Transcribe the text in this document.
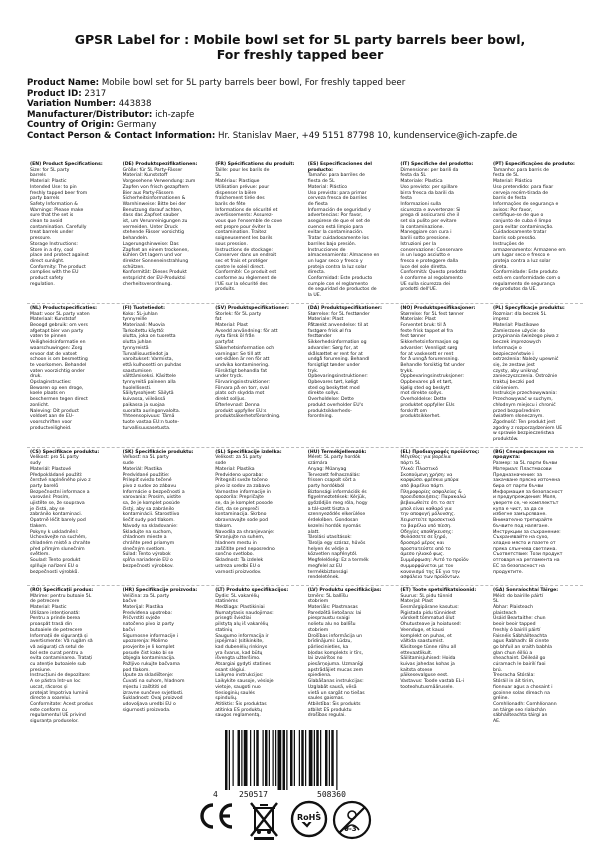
GPSR Label for : Mobile bowl set for 5L party barrels beer bowl,
For freshly tapped beer
Product Name: Mobile bowl set for 5L party barrels beer bowl, For freshly tapped beer
Product ID: 2317
Variation Number: 443838
Manufacturer/Distributor: ich-zapfe
Country of Origin: Germany
Contact Person & Contact Information: Hr. Stanislav Maer, +49 5151 87798 10, kundenservice@ich-zapfe.de
(EN) Product Specifications:
Size: for 5L party
barrels
Material: Plastic
Intended Use: to pin
freshly tapped beer from
party barrels
Safety Information &
Warnings: Please make
sure that the set is
clean to avoid
contamination. Carefully
treat barrels under
pressure.
Storage Instructions:
Store in a dry, cool
place and protect against
direct sunlight.
Conformity: The product
complies with the EU
product safety
regulation.
(DE) Produktspezifikationen:
Größe: für 5L Party-Fässer
Material: Kunststoff
Vorgesehene Verwendung: zum
Zapfen von frisch gezapftem
Bier aus Party-Fässern
Sicherheitsinformationen &
Warnhinweise: Bitte bei der
Benutzung darauf achten,
dass das Zapfset sauber
ist, um Verunreinigungen zu
vermeiden. Unter Druck
stehende Fässer vorsichtig
behandeln.
Lagerungshinweise: Das
Zapfset an einem trockenen,
kühlen Ort lagern und vor
direkter Sonneneinstrahlung
schützen.
Konformität: Dieses Produkt
entspricht der EU-Produktsi
cherheitsverordnung.
(FR) Spécifications du produit:
Taille: pour les barils de
5L
Matériau: Plastique
Utilisation prévue: pour
dispenser la bière
fraîchement tirée des
barils de fête
Informations de sécurité et
avertissements: Assurez-
vous que l'ensemble de cove
est propre pour éviter la
contamination. Traitez
soigneusement les barils
sous pression.
Instructions de stockage:
Conserver dans un endroit
sec et frais et protéger
contre le soleil direct.
Conformité: Ce produit est
conforme au règlement de
l'UE sur la sécurité des
produits.
(ES) Especificaciones del producto:
Tamaño: para barriles de
fiesta de 5L
Material: Plástico
Uso previsto: para primar
cerveza fresca de barriles
de fiesta
Información de seguridad y
advertencias: Por favor,
asegúrese de que el set de
cuenco está limpio para
evitar la contaminación.
Tratar cuidadosamente los
barriles bajo presión.
Instrucciones de
almacenamiento: Almacene en
un lugar seco y fresco y
proteja contra la luz solar
directa.
Conformidad: Este producto
cumple con el reglamento
de seguridad de productos de
la UE.
(IT) Specifiche del prodotto:
Dimensione: per barili da
festa da 5L
Materiale: Plastica
Uso previsto: per spillare
birra fresca da barili da
festa
Informazioni sulla
sicurezza e avvertenze: Si
prega di assicurarsi che il
set sia pulito per evitare
la contaminazione.
Maneggiare con cura i
barili sotto pressione.
Istruzioni per la
conservazione: Conservare
in un luogo asciutto e
fresco e proteggere dalla
luce del sole diretta.
Conformità: Questo prodotto
è conforme al regolamento
UE sulla sicurezza dei
prodotti dell'UE.
(PT) Especificações do produto:
Tamanho: para barris de
festa de 5L
Material: Plástico
Uso pretendido: para fixar
cerveja recém-tirada de
barris de festa
Informações de segurança e
avisos: Por favor,
certifique-se de que o
conjunto de cuba é limpo
para evitar contaminação.
Cuidadosamente tratar
barris sob pressão.
Instruções de
armazenamento: Armazene em
um lugar seco e fresco e
proteja contra a luz solar
direta.
Conformidade: Este produto
está em conformidade com o
regulamento de segurança
de produtos da UE.
(NL) Productspecificaties:
Maat: voor 5L party vaten
Materiaal: Kunststof
Beoogd gebruik: om vers
afgetapt bier van party
vaten te pinnen
Veiligheidsinformatie en
waarschuwingen: Zorg
ervoor dat de vatset
schoon is om besmetting
te voorkomen. Behandel
vaten voorzichtig onder
druk.
Opslaginstructies:
Bewaren op een droge,
koele plaats en
beschermen tegen direct
zonlicht.
Naleving: Dit product
voldoet aan de EU-
voorschriften voor
productveiligheid.
(FI) Tuotetiedot:
Koko: 5L-juhlan
tynnyreille
Materiaali: Muovia
Tarkoitettu käyttö:
olutta, joka on tuoretta
olutta juhlan
tynnyreistä
Turvallisuustiedot ja
varoitukset: Varmista,
että kulhosetti on puhdas
saastumisen
välttämiseksi. Käsittele
tynnyreitä paineen alla
huolellisesti.
Säilytysohjeet: Säilytä
kuivassa, viileässä
paikassa ja suojaa
suoralta auringonvalolta.
Yhteensopivuus: Tämä
tuote vastaa EU:n tuote-
turvallisuusasetusta.
(SV) Produktspecifikationer:
Storlek: för 5L party
fat
Material: Plast
Avsedd användning: för att
nyta färsk öl från
partyfat
Säkerhetsinformation och
varningar: Se till att
set-skålen är ren för att
undvika kontaminering.
Försiktigt behandla fat
under tryck.
Förvaringsinstruktioner:
Förvara på en torr, sval
plats och skydda mot
direkt solljus.
Efterlevnad: Denna
produkt uppfyller EU:s
produktsäkerhetsförordning.
(DA) Produktspecifikationer:
Størrelse: for 5L festtønder
Materiale: Plast
Påtænkt anvendelse: til at
fastgøre frisk øl fra
festtønder
Sikkerhedsinformation og
advarsler: Sørg for, at
skålsættet er rent for at
undgå forurening. Behandl
forsigtigt tønder under
tryk.
Opbevaringsinstruktioner:
Opbevares tørt, køligt
sted og beskyttet mod
direkte sollys.
Overholdelse: Dette
produkt overholder EU's
produktsikkerheds-
forordning.
(NO) Produktspesifikasjoner:
Størrelse: for 5L fest tønner
Materiale: Plast
Forventet bruk: til å
feste frisk tappet øl fra
fest tønner
Sikkerhetsinformasjon og
advarsler: Vennligst sørg
for at vaskesett er rent
for å unngå forurensning.
Behandle forsiktig fat under
trykk.
Oppbevaringsinstruksjoner:
Oppbevares på et tørt,
kjølig sted og beskytt
mot direkte sollys.
Overholdelse: Dette
produktet oppfyller EUs
forskrift om
produktsikkerhet.
(PL) Specyfikacje produktu:
Rozmiar: dla beczek 5L
imprez
Materiał: Plastikowe
Zamierzone użycie: do
przypinania świeżego piwa z
beczek imprezowych
Informacje o
bezpieczeństwie i
ostrzeżenia: Należy upewnić
się, że zestaw jest
czysty, aby uniknąć
zanieczyszczenia. Ostrożnie
traktuj beczki pod
ciśnieniem.
Instrukcje przechowywania:
Przechowywać w suchym,
chłodnym miejscu i chronić
przed bezpośrednim
światłem słonecznym.
Zgodność: Ten produkt jest
zgodny z rozporządzeniem UE
w sprawie bezpieczeństwa
produktów.
(CS) Specifikace produktu:
Velikost: pro 5L party
sudy
Materiál: Plastové
Předpokládané použití:
čerstvé naplněného pivo z
party barelů
Bezpečnostní informace a
varování: Prosím,
ujistěte se, že souprava
je čistá, aby se
zabránilo kontaminaci.
Opatrně léčit barely pod
tlakem.
Pokyny k uskladnění:
Uchovávejte na suchém,
chladném místě a chraňte
před přímým slunečním
světlem.
Soulad: Tento produkt
splňuje nařízení EU o
bezpečnosti výrobků.
(SK) Špecifikácie produktu:
Veľkosť: na 5L party
sude
Materiál: Plastika
Predvídané použitie:
Prilepiť sviežo tečené
pivo z sudov zo zábavu
Informácie o bezpečnosti a
varovania: Prosím, uistite
sa, že je komplet posúde
čistý, aby sa zabránilo
kontaminácii. Starostlivo
liečiť sudy pod tlakom.
Návody na skladovanie:
Skladujte na suchom,
chladnom mieste a
chráňte pred priamym
slnečným svetlom.
Súlad: Tento výrobok
spĺňa nariadenie EÚ o
bezpečnosti výrobkov.
(SL) Specifikacije izdelka:
Velikost: za 5L party
sode
Material: Plastika
Predvideno uporaba:
Pritegniti sveže točeno
pivo iz sodov za zabavo
Varnostne informacije in
opozorila: Prepričajte
se, da je komplet posode
čist, da se prepreči
kontaminacija. Skrbno
obravnavajte sode pod
tlakom.
Navodila za shranjevanje:
Shranjujte na suhem,
hladnem mestu in
zaščitite pred neposredno
sončno svetlobo.
Skladnost: Ta izdelek
ustreza uredbi EU o
varnosti proizvodov.
(HU) Termékjellemzők:
Méret: 5L party hordók
számára
Anyag: Műanyag
Tervezett felhasználás:
frissen csapolt sört a
party hordókból
Biztonsági információk és
figyelmeztetések: Kérjük,
győződjön meg róla, hogy
a tál-szett tiszta a
szennyeződés elkerülése
érdekében. Gondosan
kezelni hordók nyomás
alatt.
Tárolási utasítások:
Tárolja egy száraz, hűvös
helyen és védje a
közvetlen napfénytől.
Megfelelőség: Ez a termék
megfelel az EU
termékbiztonsági
rendeletének.
(EL) Προδιαγραφές προϊόντος:
Μέγεθος: για βαρέλια
πάρτι 5L
Υλικό: Πλαστικό
Σκοπούμενη χρήση: να
καρφώσει φρέσκια μπύρα
από βαρέλια πάρτι
Πληροφορίες ασφαλείας &
προειδοποιήσεις: Παρακαλώ
βεβαιωθείτε ότι το σετ
μπολ είναι καθαρό για
την αποφυγή μόλυνσης.
Χειριστείτε προσεκτικά
τα βαρέλια υπό πίεση.
Οδηγίες αποθήκευσης:
Φυλάσσετε σε ξηρό,
δροσερό μέρος και
προστατεύστε από το
άμεσο ηλιακό φως.
Συμμόρφωση: Αυτό το προϊόν
συμμορφώνεται με τον
κανονισμό της ΕΕ για την
ασφάλεια των προϊόντων.
(BG) Спецификации на продукта:
Размер: за 5L парти бъчви
Материал: Пластмасови
Предназначение: за
закачване прясно източена
бира от парти бъчви
Информация за безопасност
и предупреждения: Моля,
уверете се, че комплектът
купа е чист, за да се
избегне замърсяване.
Внимателно третирайте
бъчвите под налягане.
Инструкции за съхранение:
Съхранявайте на сухо,
хладно място и пазете от
пряка слънчева светлина.
Съответствие: Този продукт
отговаря на регламента на
ЕС за безопасност на
продуктите.
(RO) Specificații produs:
Mărime: pentru butoaie 5L
de petrecere
Material: Plastic
Utilizare intenționată:
Pentru a prinde berea
proaspăt trasă din
butoaiele de petrecere
Informații de siguranță și
avertismente: Vă rugăm să
vă asigurați că setul de
bol este curat pentru a
evita contaminarea. Tratați
cu atenție butoaiele sub
presiune.
Instrucțiuni de depozitare:
A se păstra într-un loc
uscat, răcoros și
protejat împotriva luminii
directe a soarelui.
Conformitate: Acest produs
este conform cu
regulamentul UE privind
siguranța produselor.
(HR) Specifikacije proizvoda:
Veličina: za 5L party
bačve
Materijal: Plastika
Predviđena upotreba:
Pričvrstiti svježe
natočeno pivo iz party
bačvi
Sigurnosne informacije i
upozorenja: Molimo
provjerite je li komplet
posude čist kako bi se
izbjegla kontaminacija.
Pažljivo rukujte bačvama
pod tlakom.
Upute za skladištenje:
Čuvati na suhom, hladnom
mjestu i zaštititi od
izravne sunčeve svjetlosti.
Sukladnost: Ovaj proizvod
udovoljava uredbi EU o
sigurnosti proizvoda.
(LT) Produkto specifikacijos:
Dydis: 5L vakarėlių
statinėms
Medžiaga: Plastikiniai
Numatytasis naudojimas:
prisegti šviežiai
pilstytą alų iš vakarėlių
statinių
Saugumo informacija ir
įspėjimai: Įsitikinkite,
kad dubenėlių rinkinys
yra švarus, kad būtų
išvengta užteršimo.
Atsargiai gydyti statines
esant slėgiui.
Laikymo instrukcijos:
Laikykite sausoje, vėsioje
vietoje, saugoti nuo
tiesioginių saulės
spindulių.
Atitiktis: Šis produktas
atitinka ES produktų
saugos reglamentą.
(LV) Produktu specifikācijas:
Izmērs: 5L ballīšu
stobriem
Materiāls: Plastmasas
Paredzētā lietošana: lai
piespraustu svaigi
nolietu alu no ballīšu
stobriem
Drošības informācija un
brīdinājumi: Lūdzu,
pārliecinieties, ka
bļodas komplekts ir tīrs,
lai izvairītos no
piesārņojuma. Uzmanīgi
apstrādājiet mucas zem
spiediena.
Glabāšanas instrukcijas:
Uzglabāt sausā, vēsā
vietā un sargāt no tiešas
saules gaismas.
Atbilstība: Šis produkts
atbilst ES produktu
drošības regulai.
(ET) Toote spetsifikatsioonid:
Suurus: 5L pidu tünnid
Materjal: Plast
Eesmärgipärane kasutus:
Pigistada pidu tünnidest
värskelt tõmmatud õlut
Ohutusteave ja hoiatused:
Veenduge, et kausi
komplekt on puhas, et
vältida saastumist.
Käsitsege tünne rõhu all
ettevaatlikult.
Säilitamisjuhised: Hoida
kuivas jahedas kohas ja
kaitsta otsese
päikesevalguse eest.
Vastavus: Toode vastab EL-i
tooteohutusmäärusele.
(GA) Sonraíochtaí Táirge:
Méid: do bairille páirtí
5L
Ábhar: Plaisteach
plaisteach
Úsáid Beartaithe: chun
beoir beoir tapped
freshly ó bairilí páirtí
Faisnéis Sábháilteachta
agus Rabhadh: Bí cinnte
go bhfuil an sraith babhla
glan chun éilliú a
sheachaint. Déileáil go
cúramach le bairilí faoi
brú.
Treoracha Stórála:
Stóráil in áit tirim,
fionnuar agus a chosaint i
gcoinne solas díreach na
gréine.
Comhlíonadh: Comhlíonann
an táirge seo rialachán
sábháilteachta táirgí an
AE.
4	250517	508360
RoHS
0-3
